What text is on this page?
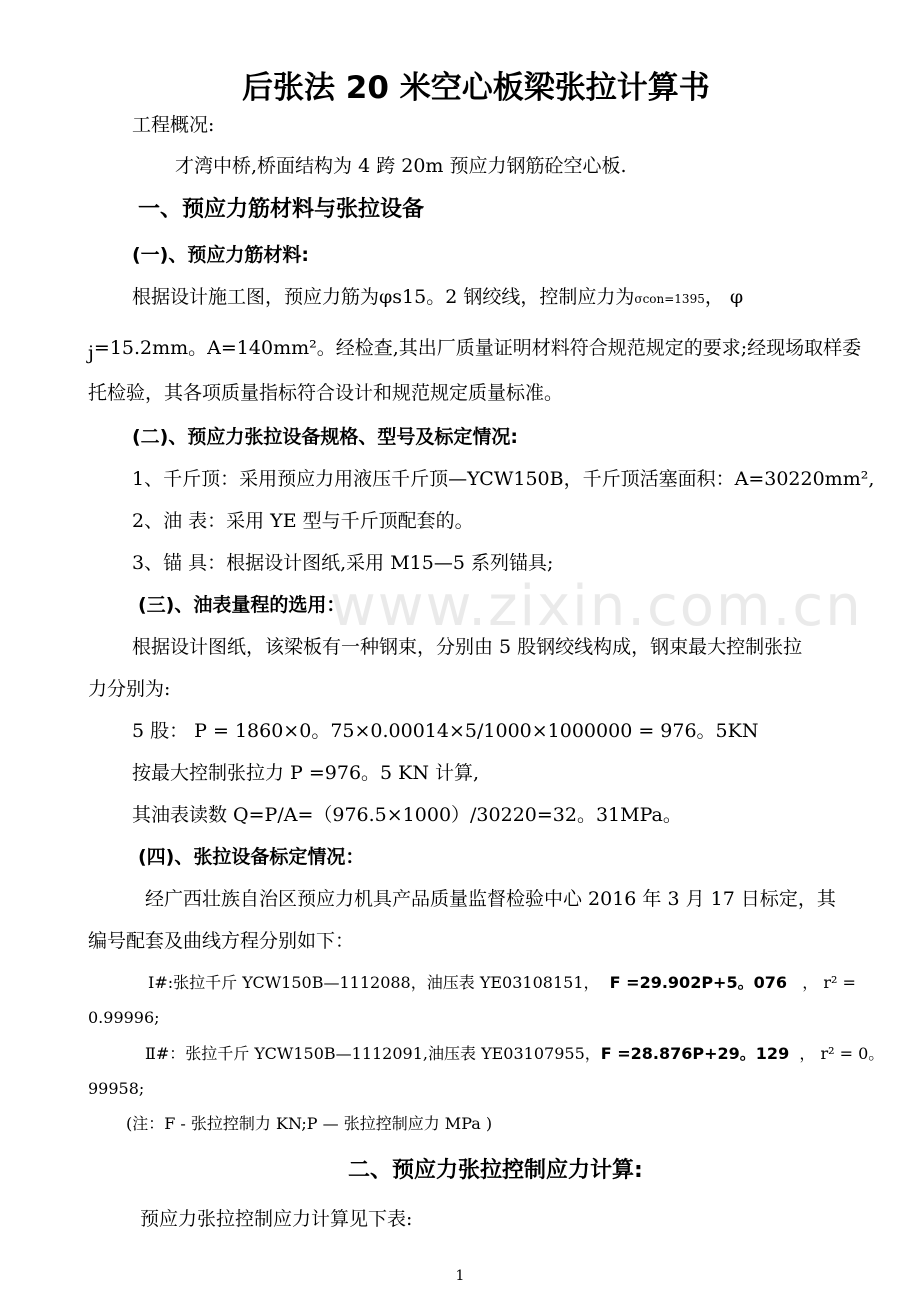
www.zixin.com.cn
后张法 20 米空心板梁张拉计算书
工程概况:
才湾中桥,桥面结构为 4 跨 20m 预应力钢筋砼空心板.
一、预应力筋材料与张拉设备
(一)、预应力筋材料:
根据设计施工图，预应力筋为φs15。2 钢绞线，控制应力为σcon=1395， φ
j=15.2mm。A=140mm²。经检查,其出厂质量证明材料符合规范规定的要求;经现场取样委
托检验，其各项质量指标符合设计和规范规定质量标准。
(二)、预应力张拉设备规格、型号及标定情况:
1、千斤顶：采用预应力用液压千斤顶—YCW150B，千斤顶活塞面积：A=30220mm²,
2、油 表：采用 YE 型与千斤顶配套的。
3、锚 具：根据设计图纸,采用 M15—5 系列锚具;
(三)、油表量程的选用：
根据设计图纸，该梁板有一种钢束，分别由 5 股钢绞线构成，钢束最大控制张拉
力分别为:
5 股： P = 1860×0。75×0.00014×5/1000×1000000 = 976。5KN
按最大控制张拉力 P =976。5 KN 计算,
其油表读数 Q=P/A=（976.5×1000）/30220=32。31MPa。
(四)、张拉设备标定情况：
经广西壮族自治区预应力机具产品质量监督检验中心 2016 年 3 月 17 日标定，其
编号配套及曲线方程分别如下：
Ⅰ#:张拉千斤 YCW150B—1112088，油压表 YE03108151， F =29.902P+5。076 ， r² =
0.99996;
Ⅱ#：张拉千斤 YCW150B—1112091,油压表 YE03107955，F =28.876P+29。129 ， r² = 0。
99958;
(注：F - 张拉控制力 KN;P — 张拉控制应力 MPa )
二、预应力张拉控制应力计算:
预应力张拉控制应力计算见下表:
1
